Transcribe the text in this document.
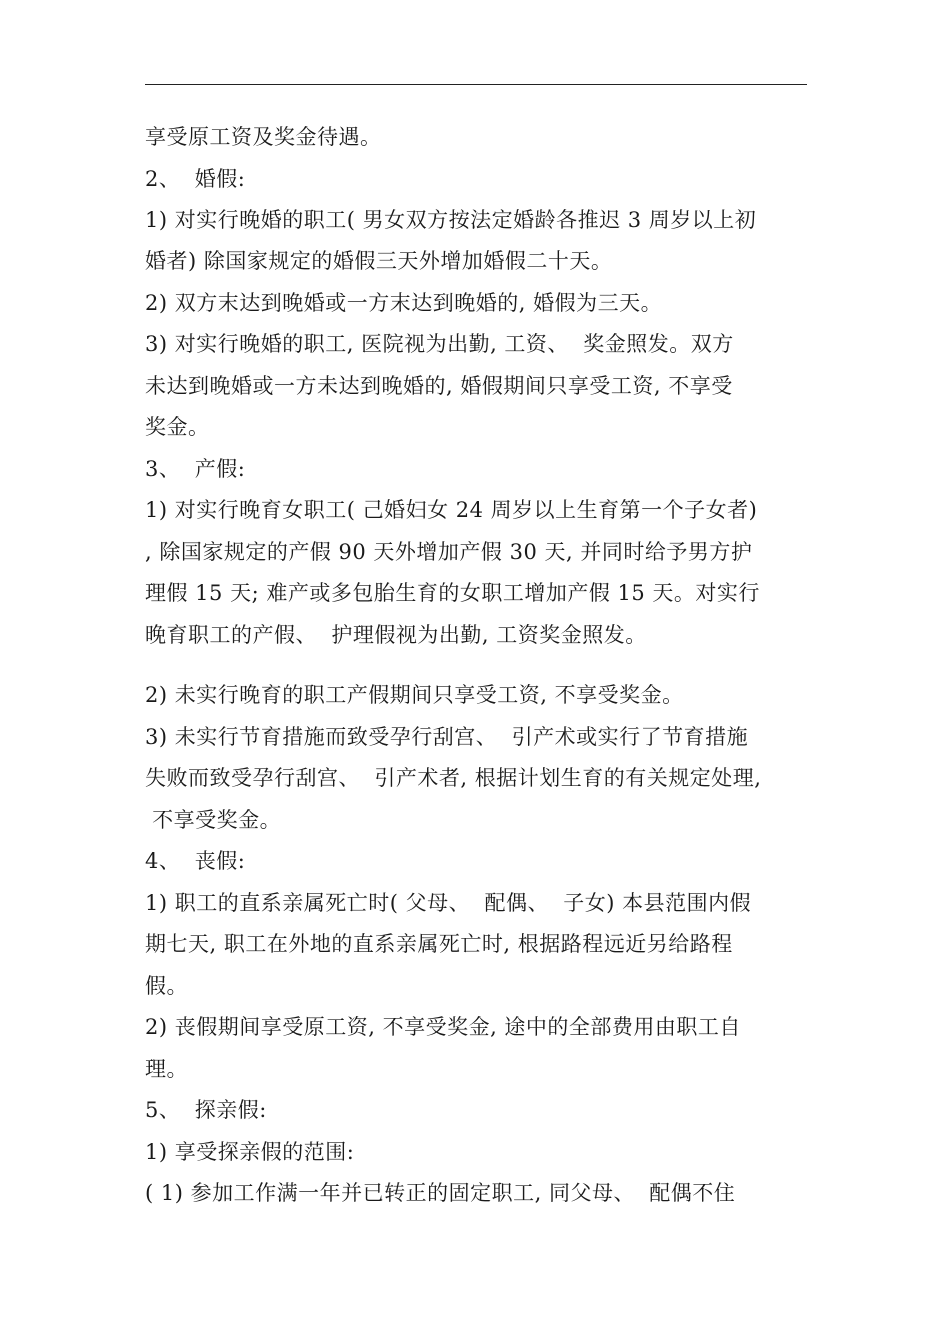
享受原工资及奖金待遇。
2、  婚假:
1) 对实行晚婚的职工( 男女双方按法定婚龄各推迟 3 周岁以上初
婚者) 除国家规定的婚假三天外增加婚假二十天。
2) 双方末达到晚婚或一方末达到晚婚的, 婚假为三天。
3) 对实行晚婚的职工, 医院视为出勤, 工资、  奖金照发。双方
未达到晚婚或一方未达到晚婚的, 婚假期间只享受工资, 不享受
奖金。
3、  产假:
1) 对实行晚育女职工( 己婚妇女 24 周岁以上生育第一个子女者)
, 除国家规定的产假 90 天外增加产假 30 天, 并同时给予男方护
理假 15 天; 难产或多包胎生育的女职工增加产假 15 天。对实行
晚育职工的产假、  护理假视为出勤, 工资奖金照发。
2) 未实行晚育的职工产假期间只享受工资, 不享受奖金。
3) 未实行节育措施而致受孕行刮宫、  引产术或实行了节育措施
失败而致受孕行刮宫、  引产术者, 根据计划生育的有关规定处理,
不享受奖金。
4、  丧假:
1) 职工的直系亲属死亡时( 父母、  配偶、  子女) 本县范围内假
期七天, 职工在外地的直系亲属死亡时, 根据路程远近另给路程
假。
2) 丧假期间享受原工资, 不享受奖金, 途中的全部费用由职工自
理。
5、  探亲假:
1) 享受探亲假的范围:
( 1) 参加工作满一年并已转正的固定职工, 同父母、  配偶不住
